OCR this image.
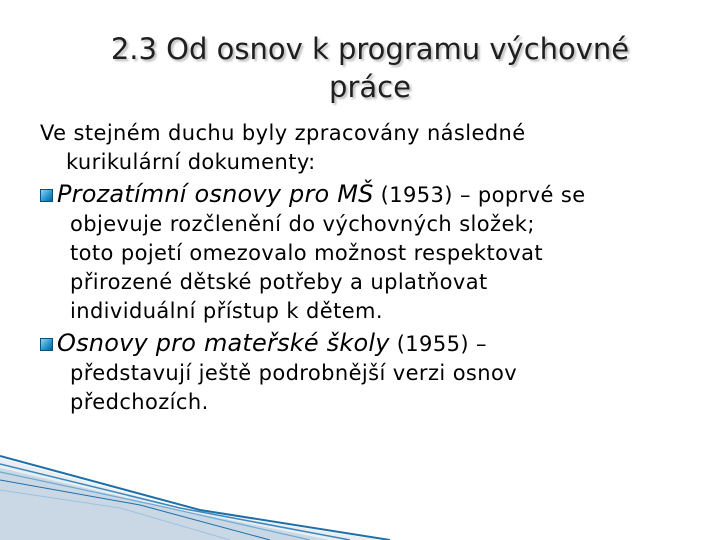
2.3 Od osnov k programu výchovné
práce
Ve stejném duchu byly zpracovány následné
kurikulární dokumenty:
Prozatímní osnovy pro MŠ (1953) – poprvé se
objevuje rozčlenění do výchovných složek;
toto pojetí omezovalo možnost respektovat
přirozené dětské potřeby a uplatňovat
individuální přístup k dětem.
Osnovy pro mateřské školy (1955) –
představují ještě podrobnější verzi osnov
předchozích.
